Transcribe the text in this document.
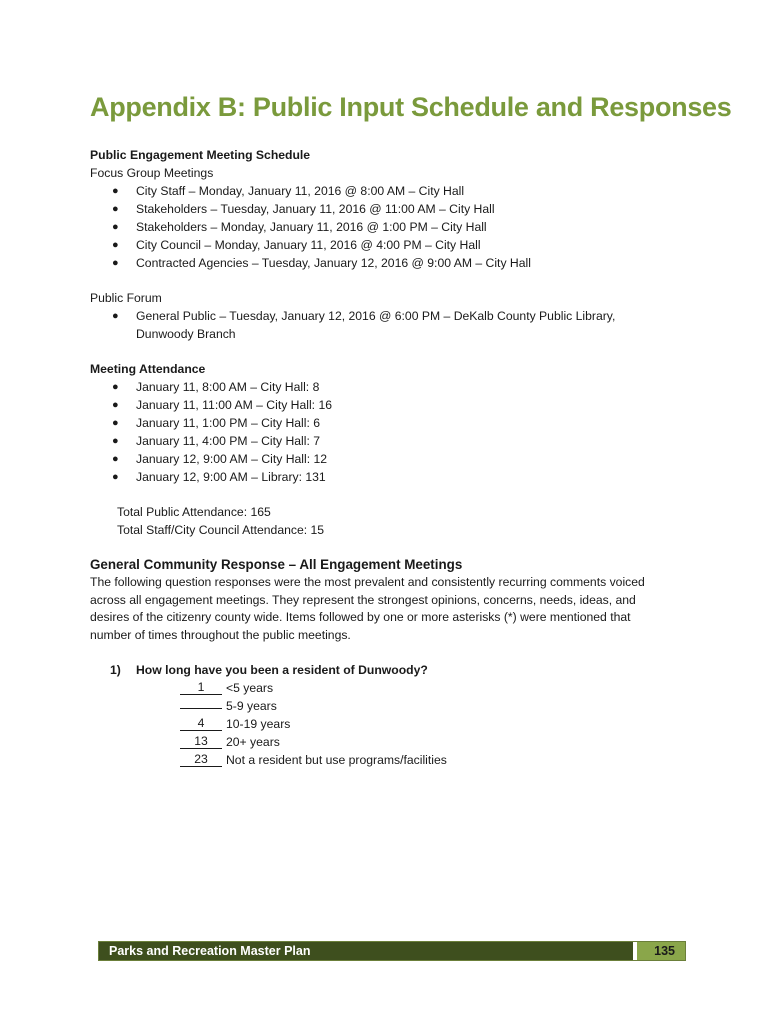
Appendix B: Public Input Schedule and Responses
Public Engagement Meeting Schedule
Focus Group Meetings
● City Staff – Monday, January 11, 2016 @ 8:00 AM – City Hall
● Stakeholders – Tuesday, January 11, 2016 @ 11:00 AM – City Hall
● Stakeholders – Monday, January 11, 2016 @ 1:00 PM – City Hall
● City Council – Monday, January 11, 2016 @ 4:00 PM – City Hall
● Contracted Agencies – Tuesday, January 12, 2016 @ 9:00 AM – City Hall
Public Forum
● General Public – Tuesday, January 12, 2016 @ 6:00 PM – DeKalb County Public Library,
Dunwoody Branch
Meeting Attendance
● January 11, 8:00 AM – City Hall: 8
● January 11, 11:00 AM – City Hall: 16
● January 11, 1:00 PM – City Hall: 6
● January 11, 4:00 PM – City Hall: 7
● January 12, 9:00 AM – City Hall: 12
● January 12, 9:00 AM – Library: 131
Total Public Attendance: 165
Total Staff/City Council Attendance: 15
General Community Response – All Engagement Meetings
The following question responses were the most prevalent and consistently recurring comments voiced
across all engagement meetings. They represent the strongest opinions, concerns, needs, ideas, and
desires of the citizenry county wide. Items followed by one or more asterisks (*) were mentioned that
number of times throughout the public meetings.
1) How long have you been a resident of Dunwoody?
1 <5 years
5-9 years
4 10-19 years
13 20+ years
23 Not a resident but use programs/facilities
Parks and Recreation Master Plan	135
